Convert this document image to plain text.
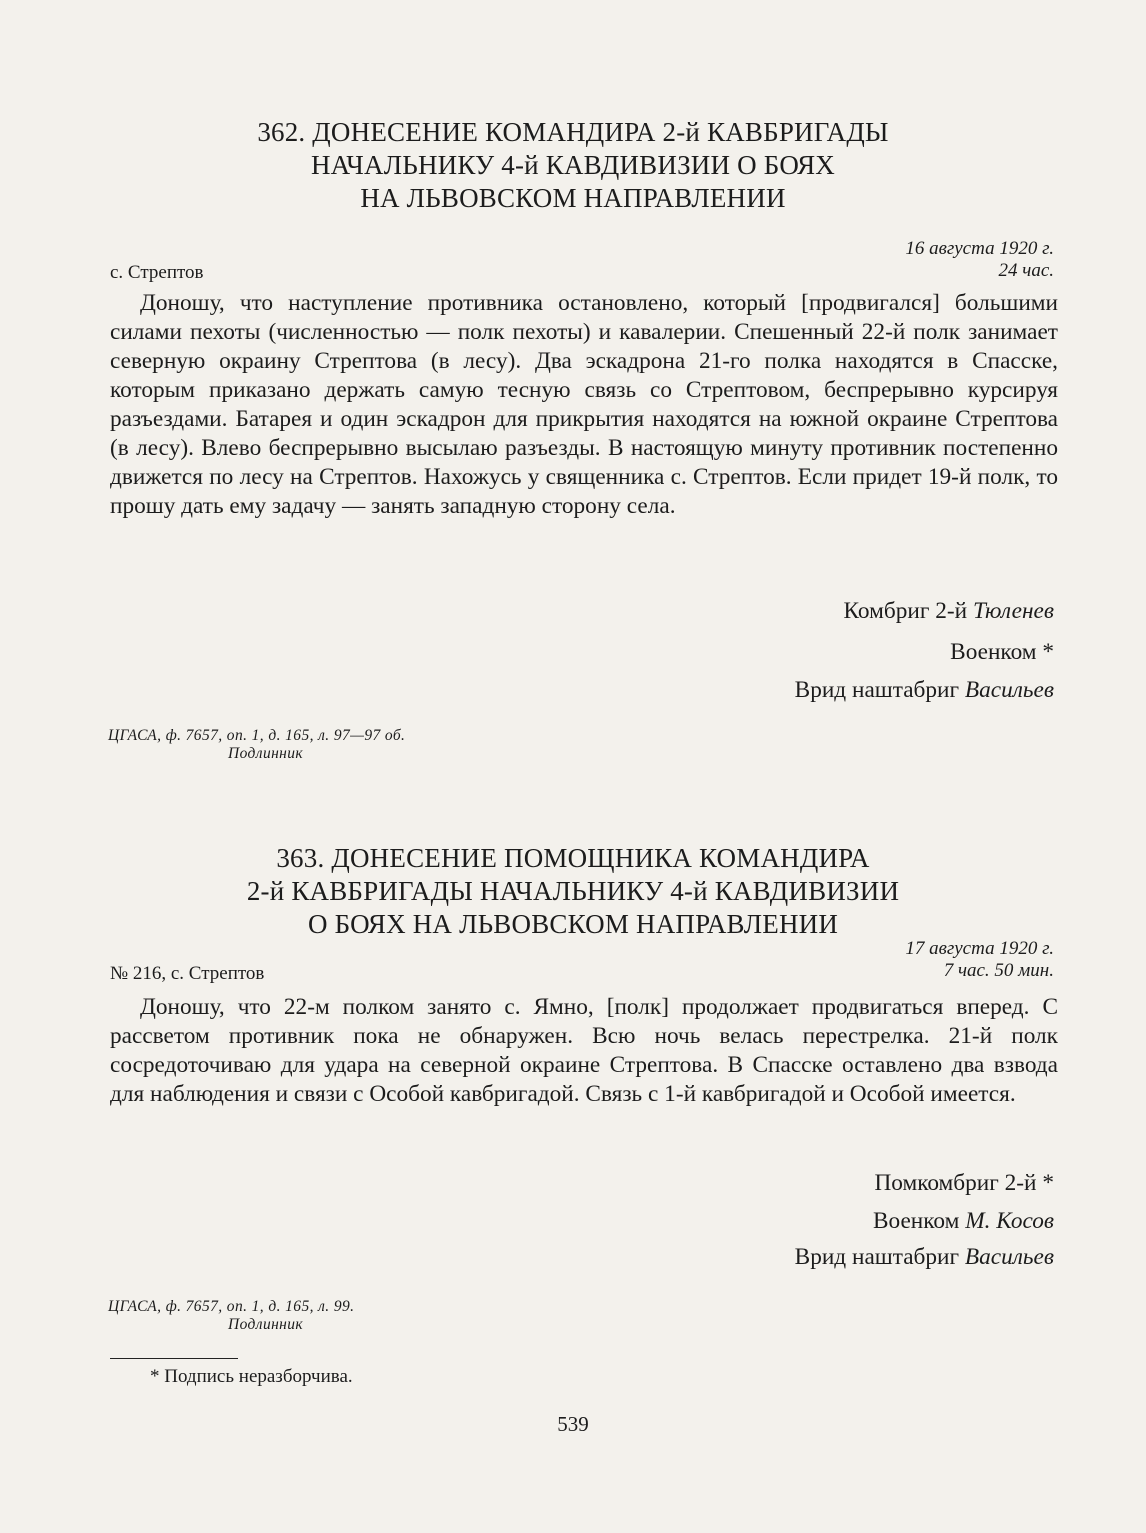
362. ДОНЕСЕНИЕ КОМАНДИРА 2-й КАВБРИГАДЫ
НАЧАЛЬНИКУ 4-й КАВДИВИЗИИ О БОЯХ
НА ЛЬВОВСКОМ НАПРАВЛЕНИИ
16 августа 1920 г.
24 час.
с. Стрептов

Доношу, что наступление противника остановлено, который [продвигался] большими силами пехоты (численностью — полк пехоты) и кавалерии. Спешенный 22-й полк занимает северную окраину Стрептова (в лесу). Два эскадрона 21-го полка находятся в Спасске, которым приказано держать самую тесную связь со Стрептовом, беспрерывно курсируя разъездами. Батарея и один эскадрон для прикрытия находятся на южной окраине Стрептова (в лесу). Влево беспрерывно высылаю разъезды. В настоящую минуту противник постепенно движется по лесу на Стрептов. Нахожусь у священника с. Стрептов. Если придет 19-й полк, то прошу дать ему задачу — занять западную сторону села.

Комбриг 2-й Тюленев
Военком *
Врид наштабриг Васильев
ЦГАСА, ф. 7657, оп. 1, д. 165, л. 97—97 об.
Подлинник
363. ДОНЕСЕНИЕ ПОМОЩНИКА КОМАНДИРА
2-й КАВБРИГАДЫ НАЧАЛЬНИКУ 4-й КАВДИВИЗИИ
О БОЯХ НА ЛЬВОВСКОМ НАПРАВЛЕНИИ
17 августа 1920 г.
7 час. 50 мин.
№ 216, с. Стрептов

Доношу, что 22-м полком занято с. Ямно, [полк] продолжает продвигаться вперед. С рассветом противник пока не обнаружен. Всю ночь велась перестрелка. 21-й полк сосредоточиваю для удара на северной окраине Стрептова. В Спасске оставлено два взвода для наблюдения и связи с Особой кавбригадой. Связь с 1-й кавбригадой и Особой имеется.

Помкомбриг 2-й *
Военком М. Косов
Врид наштабриг Васильев
ЦГАСА, ф. 7657, оп. 1, д. 165, л. 99.
Подлинник
* Подпись неразборчива.
539
